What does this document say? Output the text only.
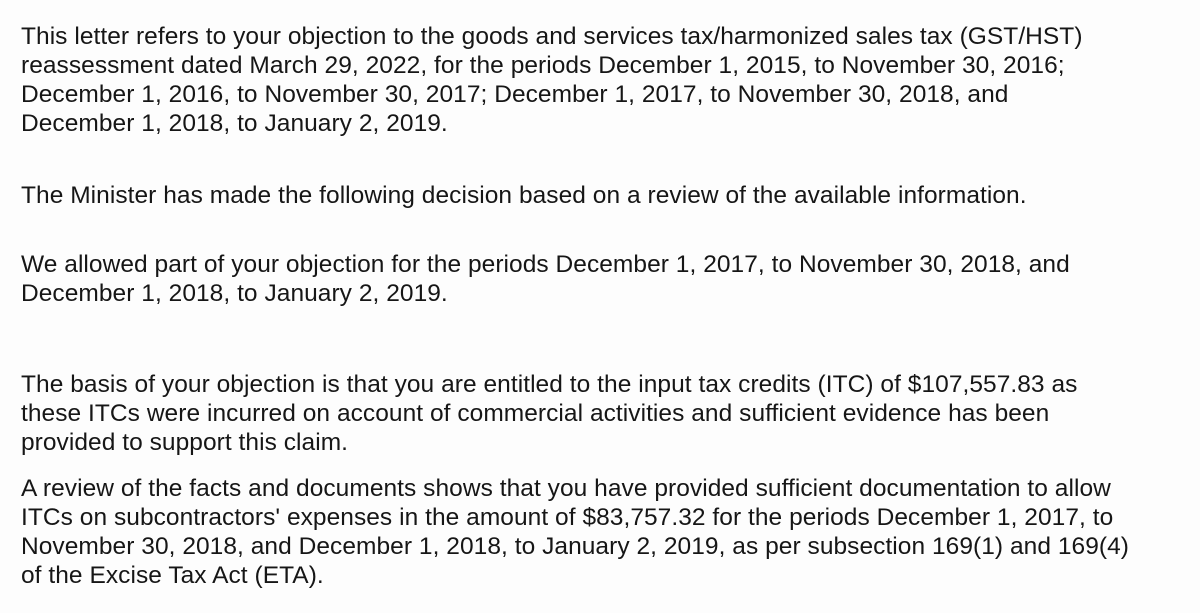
This letter refers to your objection to the goods and services tax/harmonized sales tax (GST/HST)
reassessment dated March 29, 2022, for the periods December 1, 2015, to November 30, 2016;
December 1, 2016, to November 30, 2017; December 1, 2017, to November 30, 2018, and
December 1, 2018, to January 2, 2019.

The Minister has made the following decision based on a review of the available information.

We allowed part of your objection for the periods December 1, 2017, to November 30, 2018, and
December 1, 2018, to January 2, 2019.

The basis of your objection is that you are entitled to the input tax credits (ITC) of $107,557.83 as
these ITCs were incurred on account of commercial activities and sufficient evidence has been
provided to support this claim.

A review of the facts and documents shows that you have provided sufficient documentation to allow
ITCs on subcontractors' expenses in the amount of $83,757.32 for the periods December 1, 2017, to
November 30, 2018, and December 1, 2018, to January 2, 2019, as per subsection 169(1) and 169(4)
of the Excise Tax Act (ETA).
